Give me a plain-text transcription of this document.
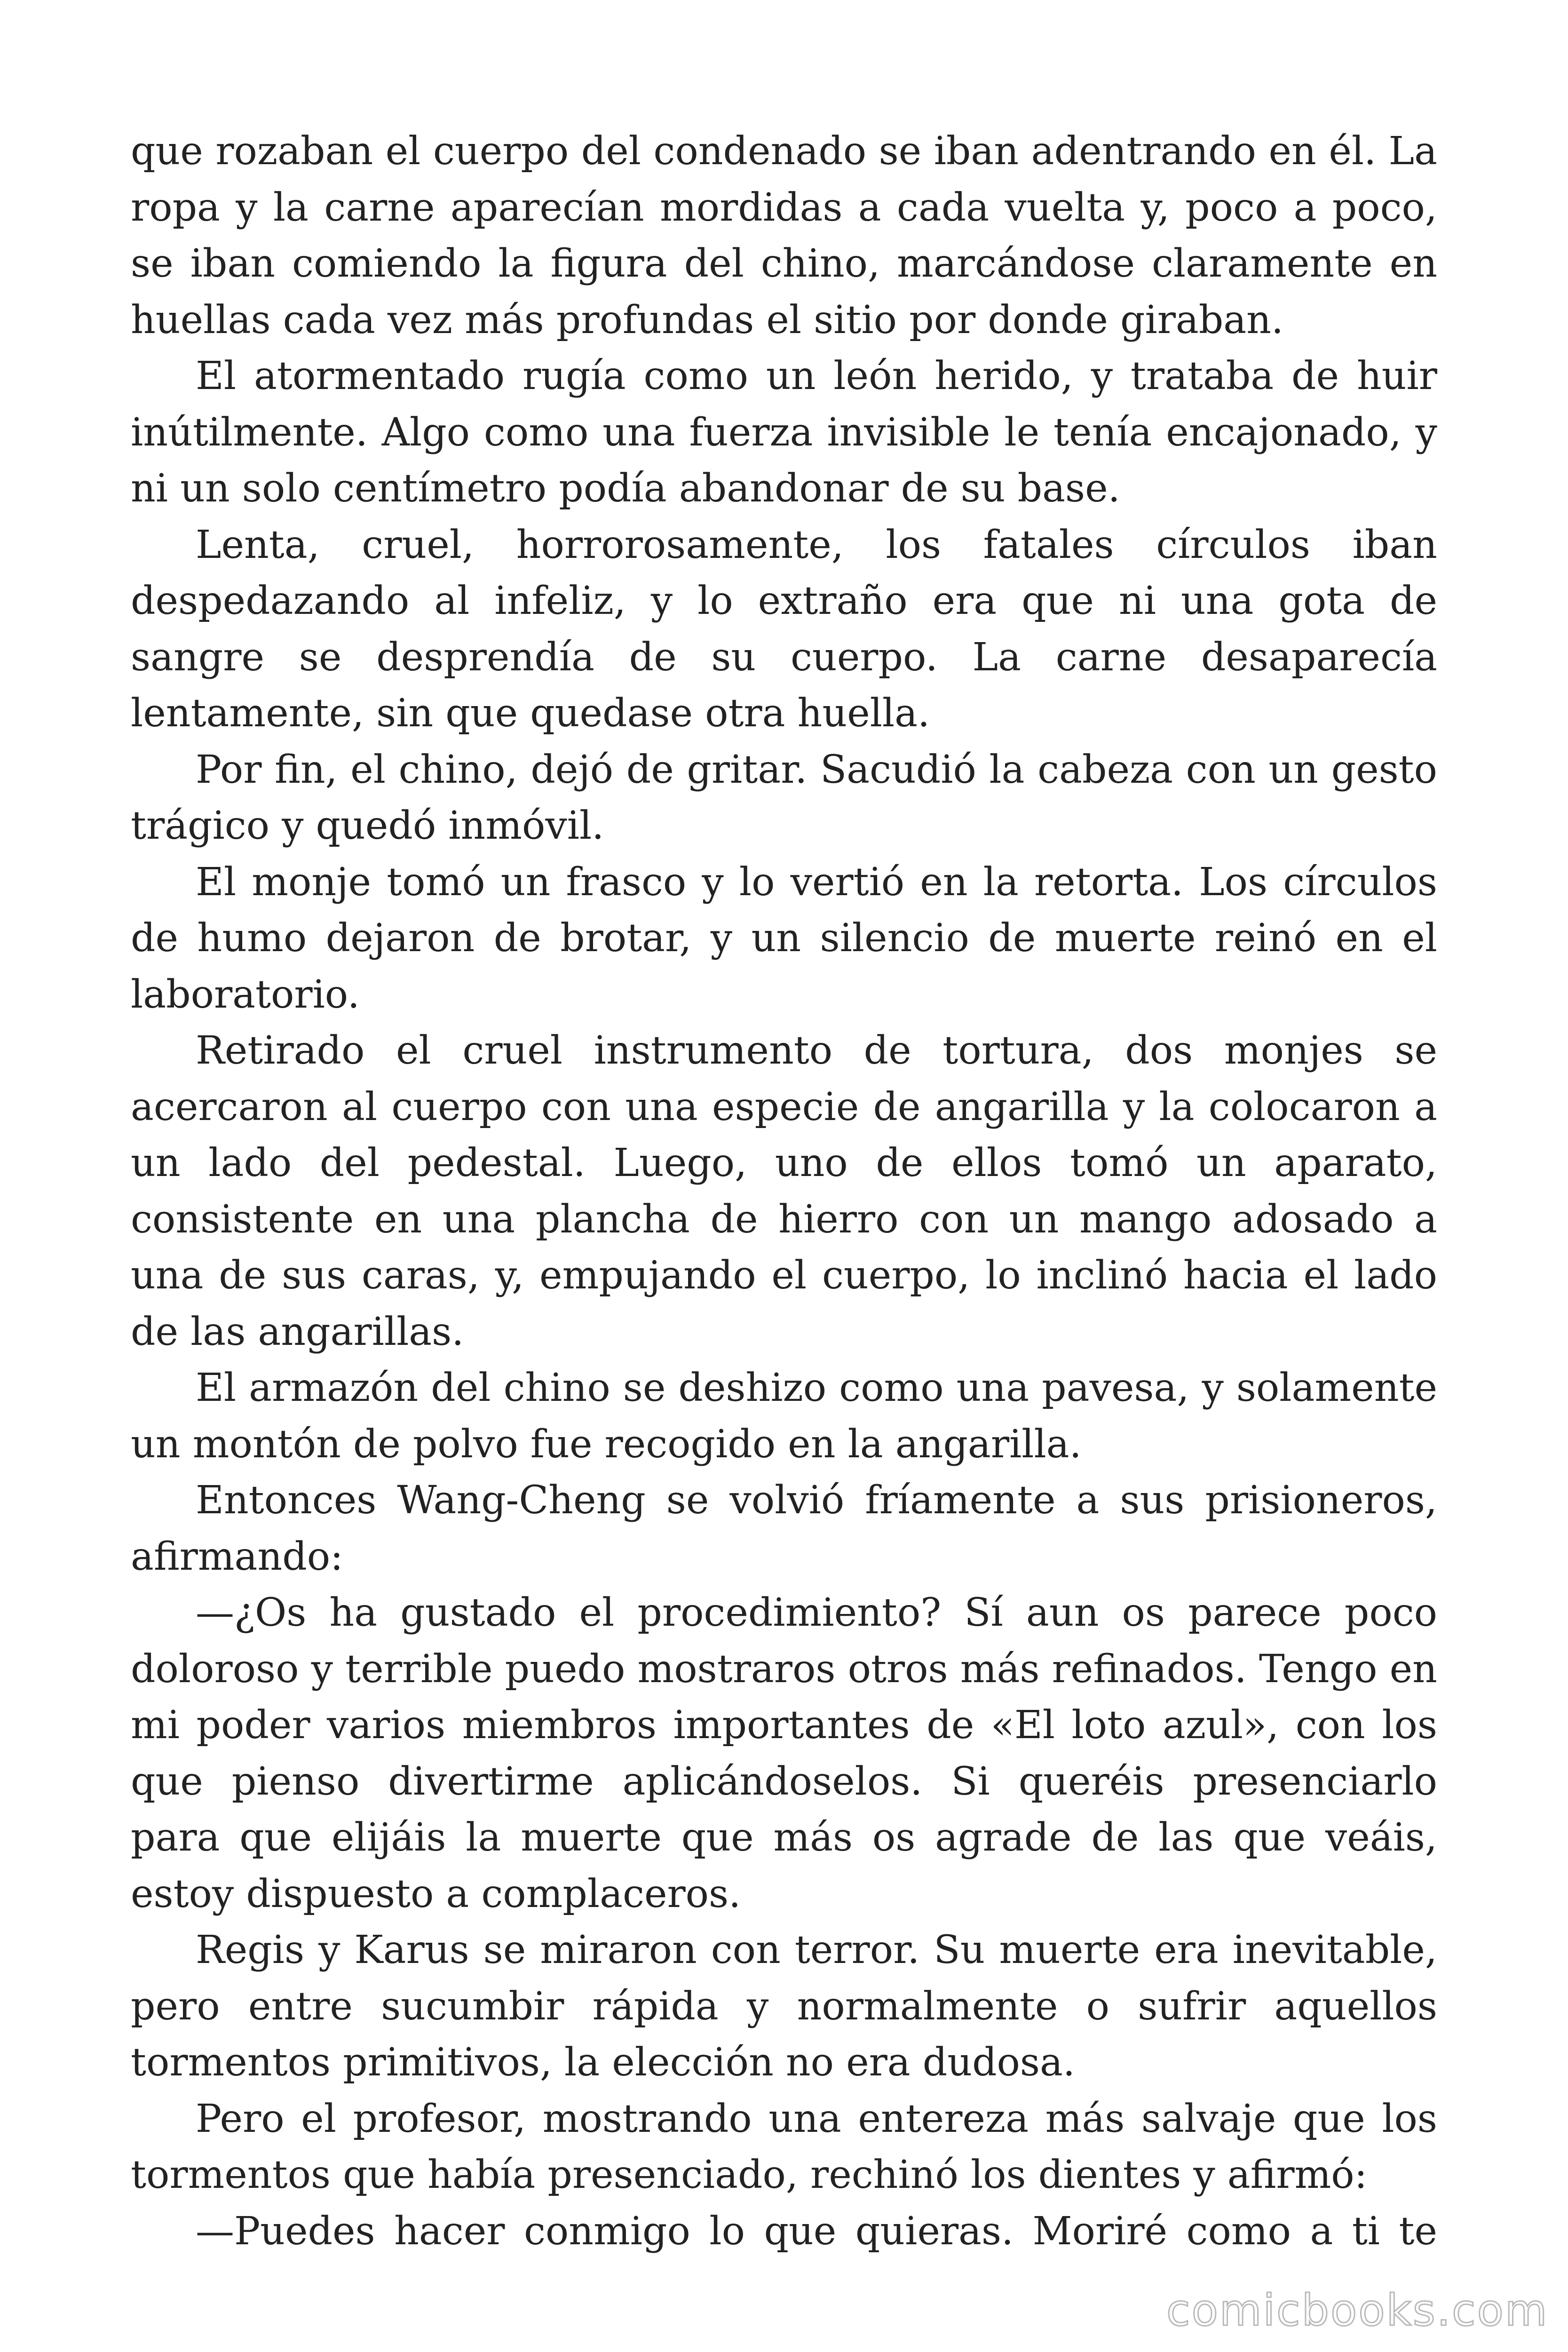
que rozaban el cuerpo del condenado se iban adentrando en él. La ropa y la carne aparecían mordidas a cada vuelta y, poco a poco, se iban comiendo la figura del chino, marcándose claramente en huellas cada vez más profundas el sitio por donde giraban.

El atormentado rugía como un león herido, y trataba de huir inútilmente. Algo como una fuerza invisible le tenía encajonado, y ni un solo centímetro podía abandonar de su base.

Lenta, cruel, horrorosamente, los fatales círculos iban despedazando al infeliz, y lo extraño era que ni una gota de sangre se desprendía de su cuerpo. La carne desaparecía lentamente, sin que quedase otra huella.

Por fin, el chino, dejó de gritar. Sacudió la cabeza con un gesto trágico y quedó inmóvil.

El monje tomó un frasco y lo vertió en la retorta. Los círculos de humo dejaron de brotar, y un silencio de muerte reinó en el laboratorio.

Retirado el cruel instrumento de tortura, dos monjes se acercaron al cuerpo con una especie de angarilla y la colocaron a un lado del pedestal. Luego, uno de ellos tomó un aparato, consistente en una plancha de hierro con un mango adosado a una de sus caras, y, empujando el cuerpo, lo inclinó hacia el lado de las angarillas.

El armazón del chino se deshizo como una pavesa, y solamente un montón de polvo fue recogido en la angarilla.

Entonces Wang-Cheng se volvió fríamente a sus prisioneros, afirmando:

—¿Os ha gustado el procedimiento? Sí aun os parece poco doloroso y terrible puedo mostraros otros más refinados. Tengo en mi poder varios miembros importantes de «El loto azul», con los que pienso divertirme aplicándoselos. Si queréis presenciarlo para que elijáis la muerte que más os agrade de las que veáis, estoy dispuesto a complaceros.

Regis y Karus se miraron con terror. Su muerte era inevitable, pero entre sucumbir rápida y normalmente o sufrir aquellos tormentos primitivos, la elección no era dudosa.

Pero el profesor, mostrando una entereza más salvaje que los tormentos que había presenciado, rechinó los dientes y afirmó:

—Puedes hacer conmigo lo que quieras. Moriré como a ti te

comicbooks.com
